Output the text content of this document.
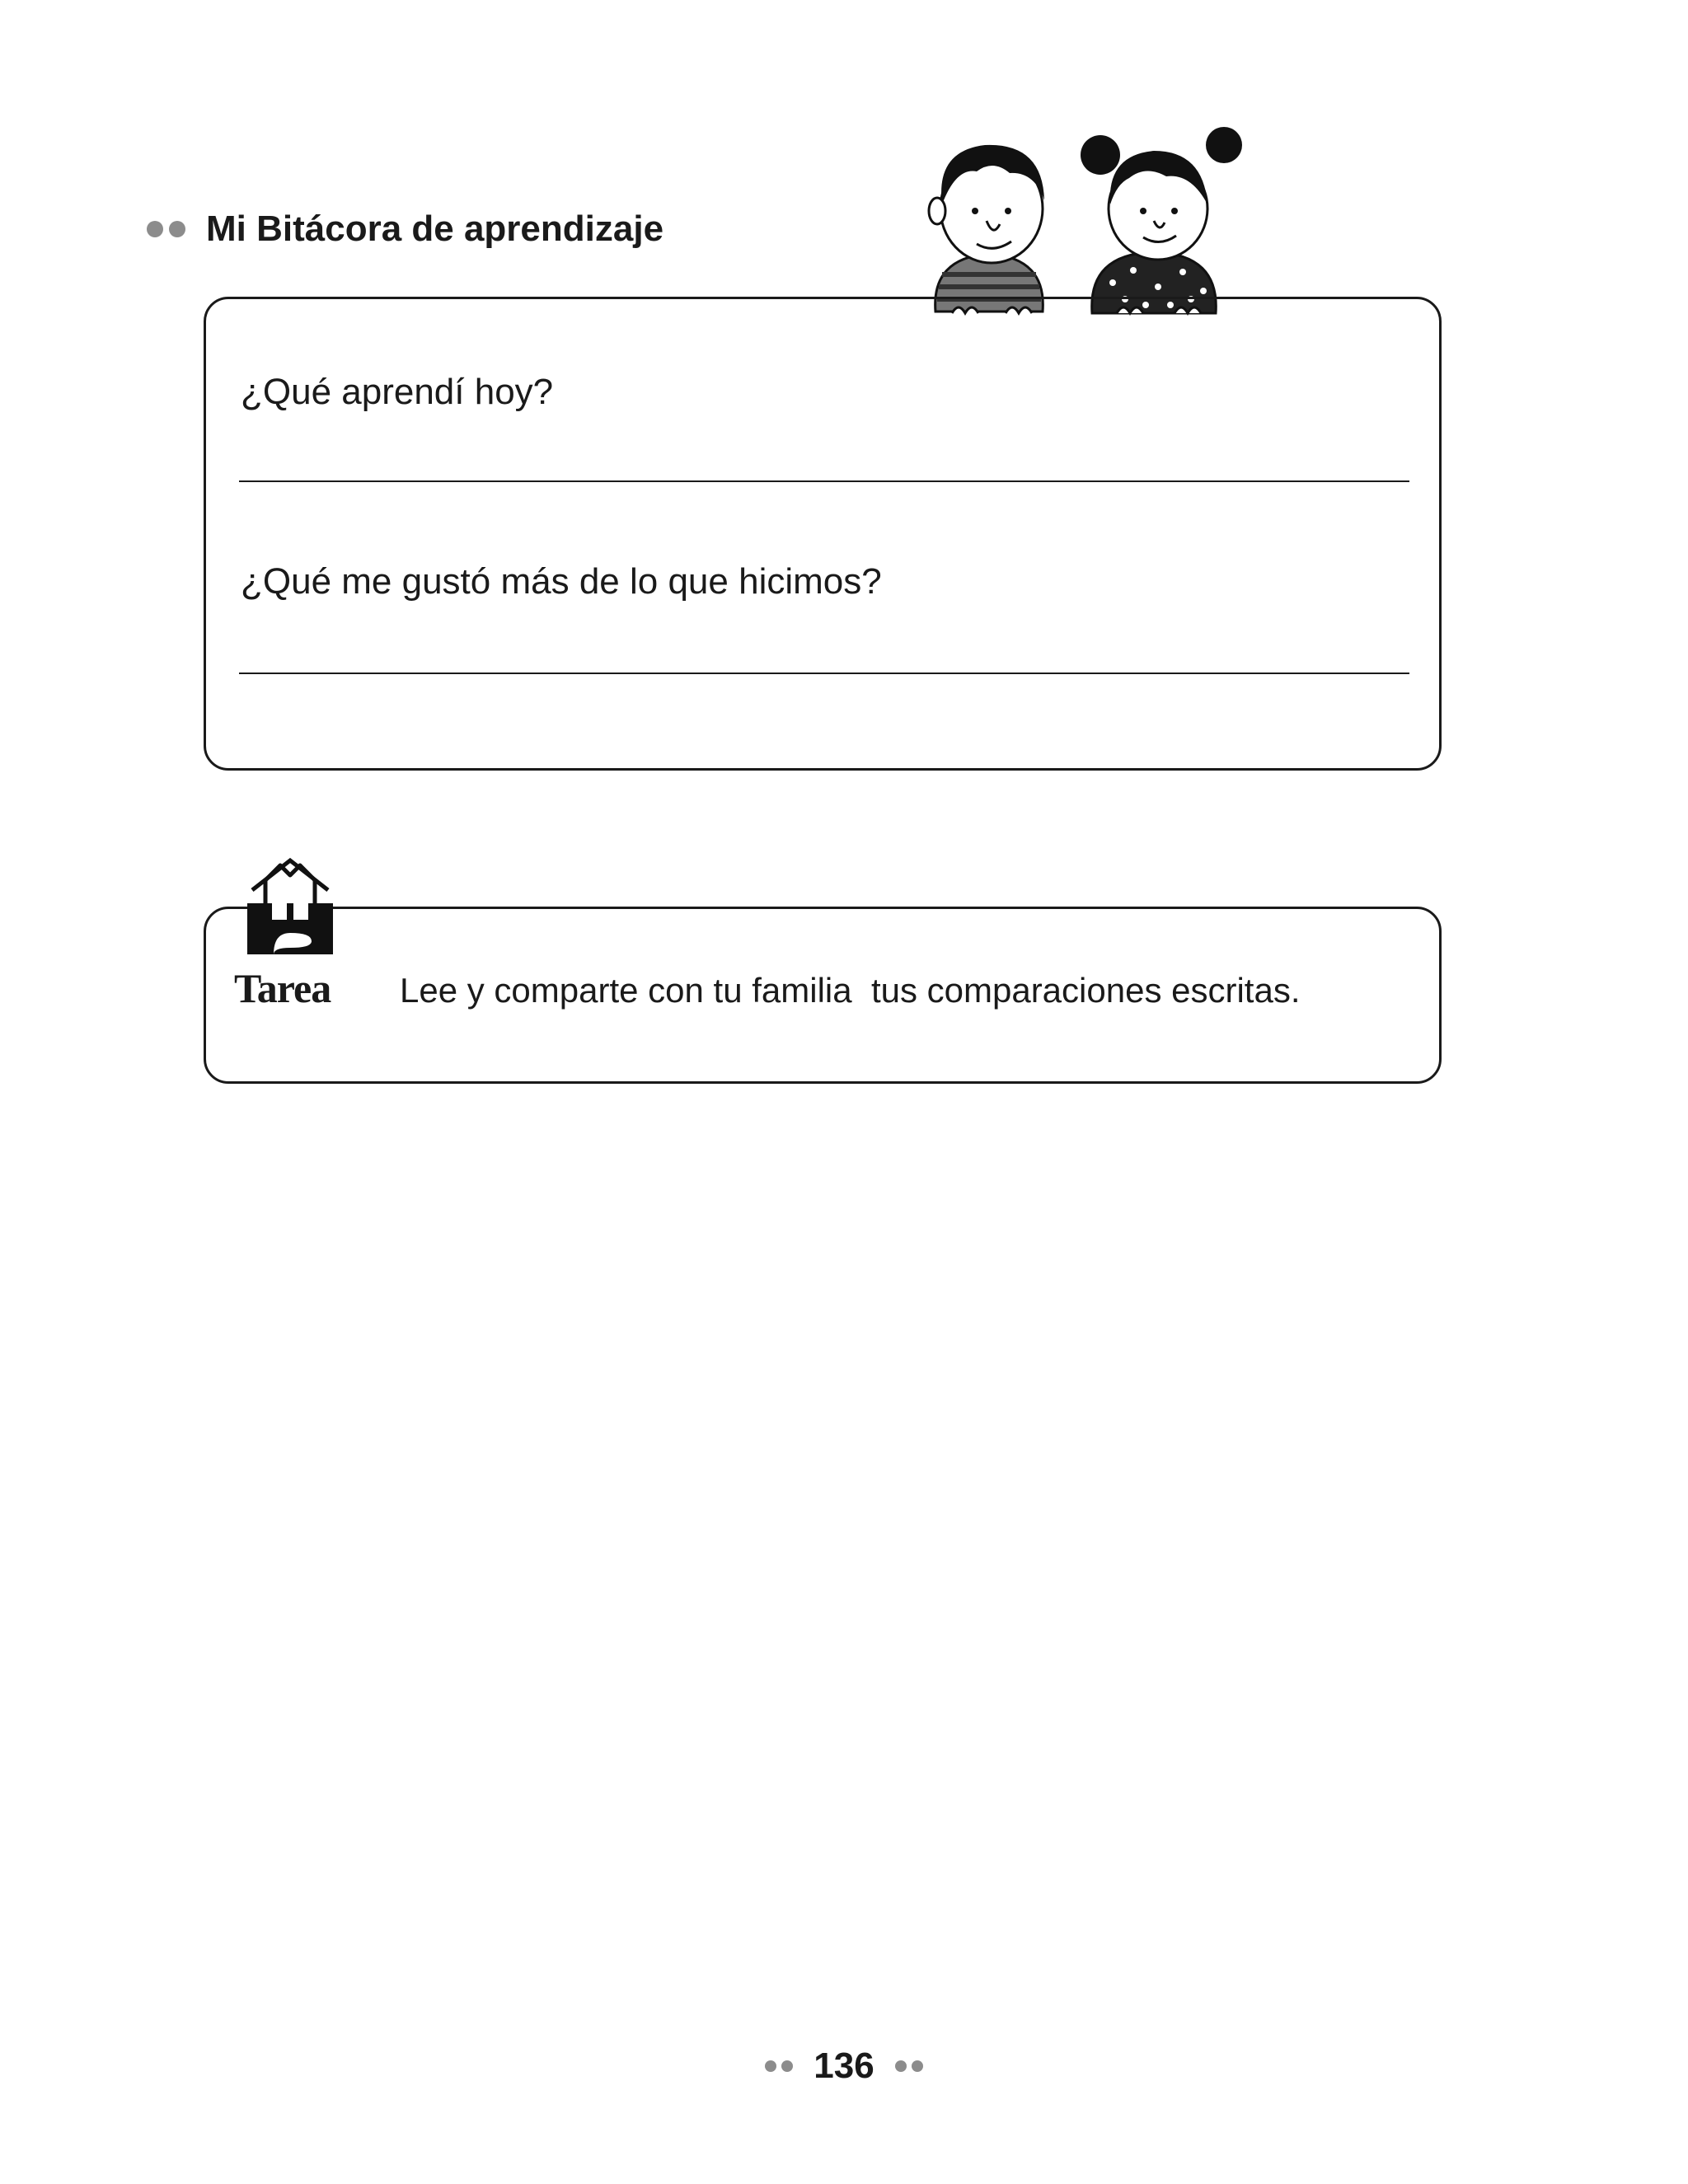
Mi Bitácora de aprendizaje
¿Qué aprendí hoy?
¿Qué me gustó más de lo que hicimos?
Tarea Lee y comparte con tu familia  tus comparaciones escritas.
136
